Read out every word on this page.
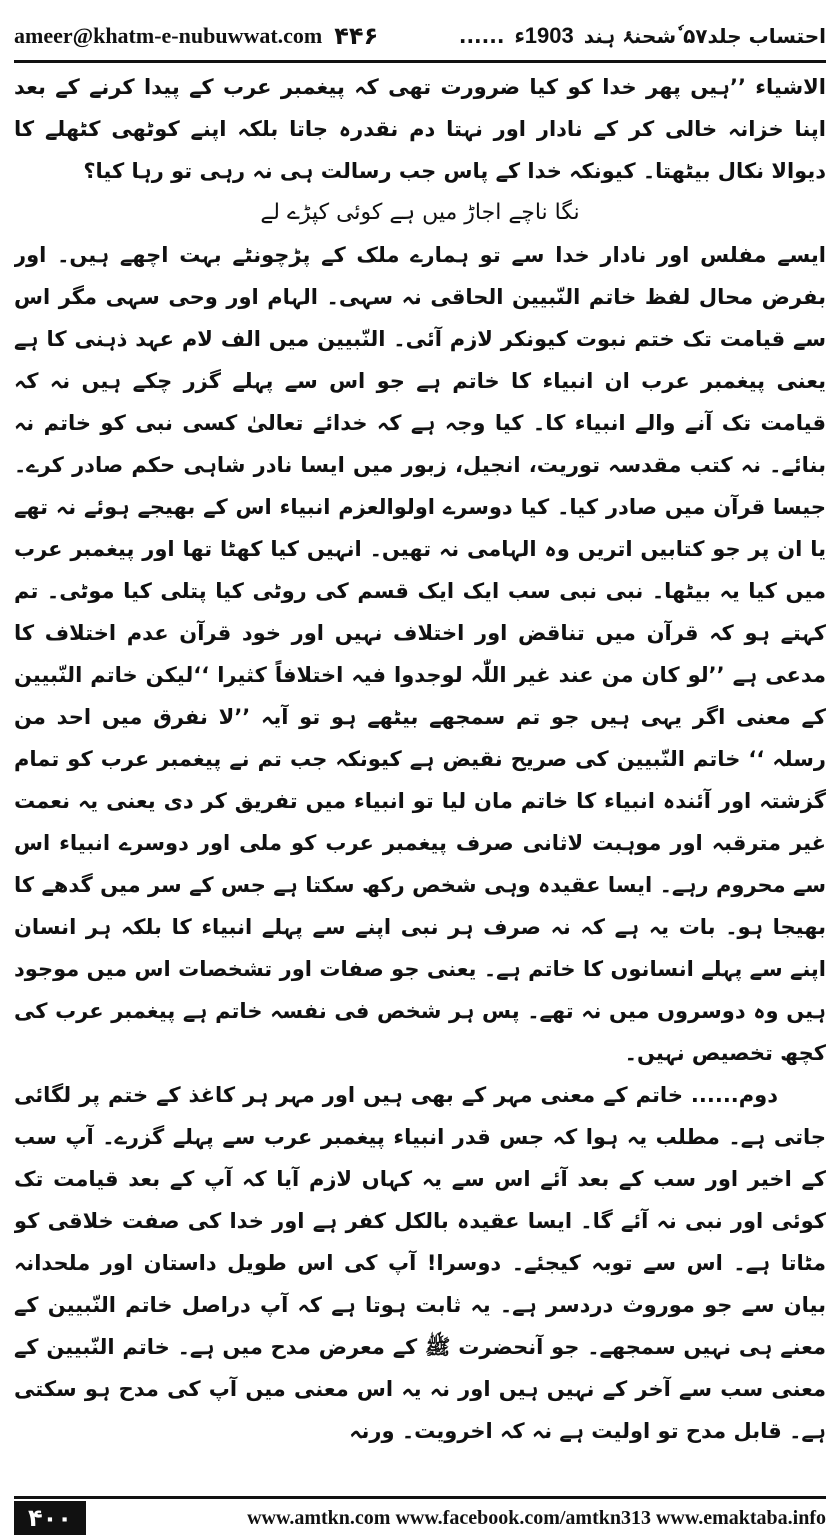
ameer@khatm-e-nubuwwat.com ۴۴۶	احتساب جلد۵۷ ٗشحنۂ ہند
1903ء
......

الاشیاء ’’ہیں پھر خدا کو کیا ضرورت تھی کہ پیغمبر عرب کے پیدا کرنے کے بعد اپنا خزانہ خالی کر کے نادار اور نہتا دم نقدرہ جاتا بلکہ اپنے کوٹھی کٹھلے کا دیوالا نکال بیٹھتا۔ کیونکہ خدا کے پاس جب رسالت ہی نہ رہی تو رہا کیا؟

نگا ناچے اجاڑ میں ہے کوئی کپڑے لے

ایسے مفلس اور نادار خدا سے تو ہمارے ملک کے پڑچونٹے بہت اچھے ہیں۔ اور بفرض محال لفظ خاتم النّبیین الحاقی نہ سہی۔ الہام اور وحی سہی مگر اس سے قیامت تک ختم نبوت کیونکر لازم آئی۔ النّبیین میں الف لام عہد ذہنی کا ہے یعنی پیغمبر عرب ان انبیاء کا خاتم ہے جو اس سے پہلے گزر چکے ہیں نہ کہ قیامت تک آنے والے انبیاء کا۔ کیا وجہ ہے کہ خدائے تعالیٰ کسی نبی کو خاتم نہ بنائے۔ نہ کتب مقدسہ توریت، انجیل، زبور میں ایسا نادر شاہی حکم صادر کرے۔ جیسا قرآن میں صادر کیا۔ کیا دوسرے اولوالعزم انبیاء اس کے بھیجے ہوئے نہ تھے یا ان پر جو کتابیں اتریں وہ الہامی نہ تھیں۔ انہیں کیا کھٹا تھا اور پیغمبر عرب میں کیا یہ بیٹھا۔ نبی نبی سب ایک ایک قسم کی روٹی کیا پتلی کیا موٹی۔ تم کہتے ہو کہ قرآن میں تناقض اور اختلاف نہیں اور خود قرآن عدم اختلاف کا مدعی ہے ’’لو کان من عند غیر اللّٰہ لوجدوا فیہ اختلافاً کثیرا ‘‘لیکن خاتم النّبیین کے معنی اگر یہی ہیں جو تم سمجھے بیٹھے ہو تو آیہ ’’لا نفرق میں احد من رسلہ ‘‘ خاتم النّبیین کی صریح نقیض ہے کیونکہ جب تم نے پیغمبر عرب کو تمام گزشتہ اور آئندہ انبیاء کا خاتم مان لیا تو انبیاء میں تفریق کر دی یعنی یہ نعمت غیر مترقبہ اور موہبت لاثانی صرف پیغمبر عرب کو ملی اور دوسرے انبیاء اس سے محروم رہے۔ ایسا عقیدہ وہی شخص رکھ سکتا ہے جس کے سر میں گدھے کا بھیجا ہو۔ بات یہ ہے کہ نہ صرف ہر نبی اپنے سے پہلے انبیاء کا بلکہ ہر انسان اپنے سے پہلے انسانوں کا خاتم ہے۔ یعنی جو صفات اور تشخصات اس میں موجود ہیں وہ دوسروں میں نہ تھے۔ پس ہر شخص فی نفسہ خاتم ہے پیغمبر عرب کی کچھ تخصیص نہیں۔

دوم...... خاتم کے معنی مہر کے بھی ہیں اور مہر ہر کاغذ کے ختم پر لگائی جاتی ہے۔ مطلب یہ ہوا کہ جس قدر انبیاء پیغمبر عرب سے پہلے گزرے۔ آپ سب کے اخیر اور سب کے بعد آئے اس سے یہ کہاں لازم آیا کہ آپ کے بعد قیامت تک کوئی اور نبی نہ آئے گا۔ ایسا عقیدہ بالکل کفر ہے اور خدا کی صفت خلاقی کو مٹاتا ہے۔ اس سے توبہ کیجئے۔ دوسرا! آپ کی اس طویل داستان اور ملحدانہ بیان سے جو موروث دردسر ہے۔ یہ ثابت ہوتا ہے کہ آپ دراصل خاتم النّبیین کے معنے ہی نہیں سمجھے۔ جو آنحضرت ﷺ کے معرض مدح میں ہے۔ خاتم النّبیین کے معنی سب سے آخر کے نہیں ہیں اور نہ یہ اس معنی میں آپ کی مدح ہو سکتی ہے۔ قابل مدح تو اولیت ہے نہ کہ اخرویت۔ ورنہ

۴۰۰	www.amtkn.com www.facebook.com/amtkn313 www.emaktaba.info
